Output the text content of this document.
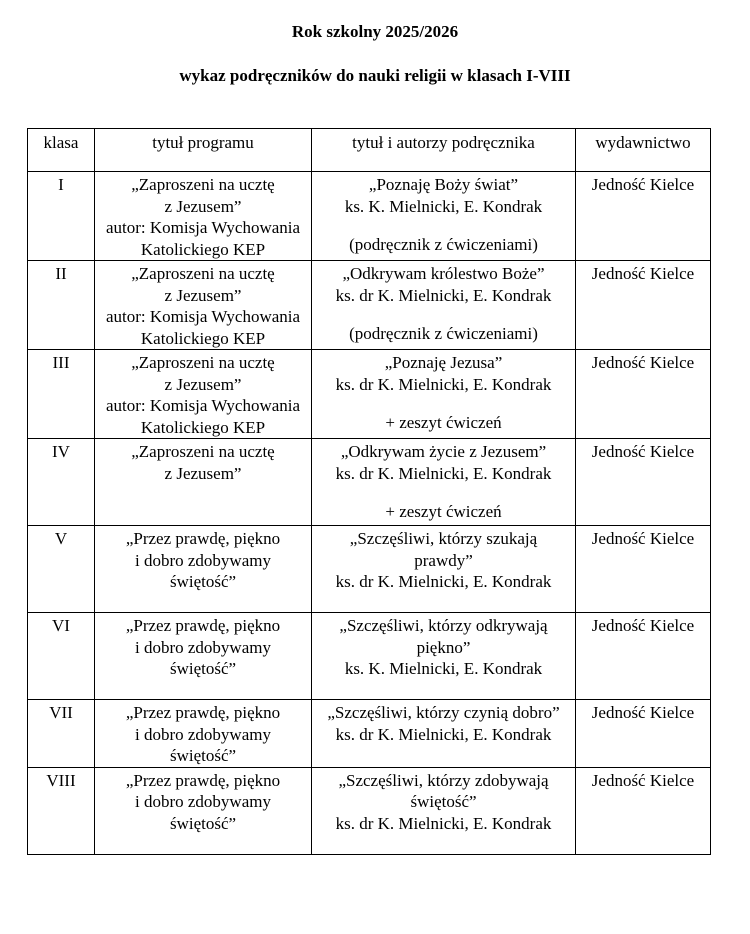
Rok szkolny 2025/2026
wykaz podręczników do nauki religii w klasach I-VIII
klasa	tytuł programu	tytuł i autorzy podręcznika	wydawnictwo

I	„Zaproszeni na ucztę
z Jezusem”
autor: Komisja Wychowania
Katolickiego KEP	„Poznaję Boży świat”
ks. K. Mielnicki, E. Kondrak
(podręcznik z ćwiczeniami)	Jedność Kielce

II	„Zaproszeni na ucztę
z Jezusem”
autor: Komisja Wychowania
Katolickiego KEP	„Odkrywam królestwo Boże”
ks. dr K. Mielnicki, E. Kondrak
(podręcznik z ćwiczeniami)	Jedność Kielce

III	„Zaproszeni na ucztę
z Jezusem”
autor: Komisja Wychowania
Katolickiego KEP	„Poznaję Jezusa”
ks. dr K. Mielnicki, E. Kondrak
+ zeszyt ćwiczeń	Jedność Kielce

IV	„Zaproszeni na ucztę
z Jezusem”	„Odkrywam życie z Jezusem”
ks. dr K. Mielnicki, E. Kondrak
+ zeszyt ćwiczeń	Jedność Kielce

V	„Przez prawdę, piękno
i dobro zdobywamy
świętość”	„Szczęśliwi, którzy szukają
prawdy”
ks. dr K. Mielnicki, E. Kondrak	Jedność Kielce

VI	„Przez prawdę, piękno
i dobro zdobywamy
świętość”	„Szczęśliwi, którzy odkrywają
piękno”
ks. K. Mielnicki, E. Kondrak	Jedność Kielce

VII	„Przez prawdę, piękno
i dobro zdobywamy
świętość”	„Szczęśliwi, którzy czynią dobro”
ks. dr K. Mielnicki, E. Kondrak	Jedność Kielce

VIII	„Przez prawdę, piękno
i dobro zdobywamy
świętość”	„Szczęśliwi, którzy zdobywają
świętość”
ks. dr K. Mielnicki, E. Kondrak	Jedność Kielce
